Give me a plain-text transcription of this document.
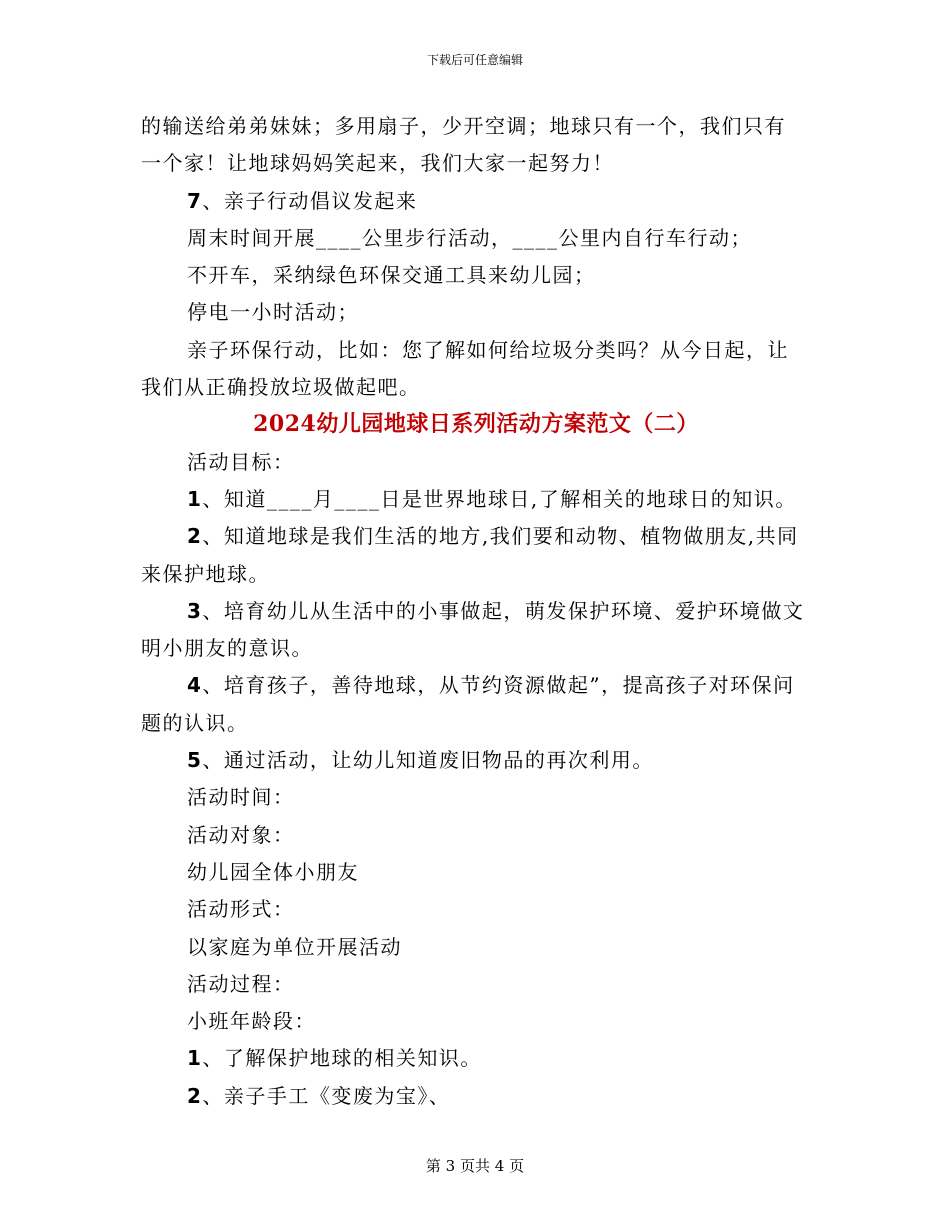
下载后可任意编辑

的输送给弟弟妹妹；多用扇子，少开空调；地球只有一个，我们只有

一个家！让地球妈妈笑起来，我们大家一起努力！

7、亲子行动倡议发起来

周末时间开展____公里步行活动，____公里内自行车行动；

不开车，采纳绿色环保交通工具来幼儿园；

停电一小时活动；

亲子环保行动，比如：您了解如何给垃圾分类吗？从今日起，让

我们从正确投放垃圾做起吧。

2024幼儿园地球日系列活动方案范文（二）

活动目标：

1、知道____月____日是世界地球日,了解相关的地球日的知识。

2、知道地球是我们生活的地方,我们要和动物、植物做朋友,共同

来保护地球。

3、培育幼儿从生活中的小事做起，萌发保护环境、爱护环境做文

明小朋友的意识。

4、培育孩子，善待地球，从节约资源做起”，提高孩子对环保问

题的认识。

5、通过活动，让幼儿知道废旧物品的再次利用。

活动时间：

活动对象：

幼儿园全体小朋友

活动形式：

以家庭为单位开展活动

活动过程：

小班年龄段：

1、了解保护地球的相关知识。

2、亲子手工《变废为宝》、

第 3 页共 4 页
